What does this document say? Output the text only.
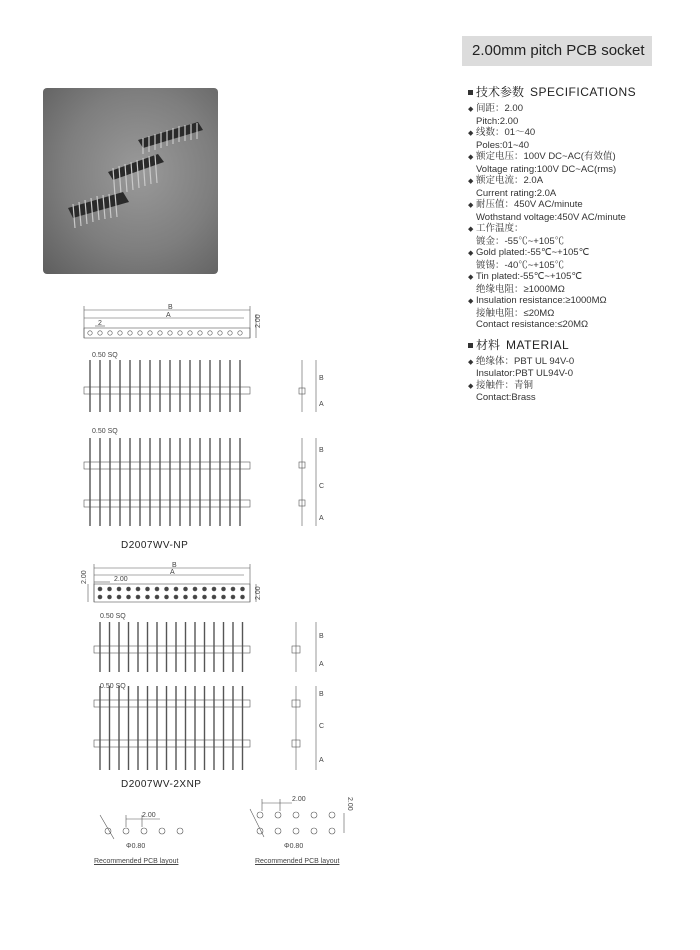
2.00mm pitch PCB socket
技术参数 SPECIFICATIONS
◆ 间距：2.00
Pitch:2.00
◆ 线数：01～40
Poles:01~40
◆ 额定电压：100V DC~AC(有效值)
Voltage rating:100V DC~AC(rms)
◆ 额定电流：2.0A
Current rating:2.0A
◆ 耐压值：450V AC/minute
Wothstand voltage:450V AC/minute
◆ 工作温度：
镀金：-55℃~+105℃
◆ Gold plated:-55℃~+105℃
镀锡：-40℃~+105℃
◆ Tin plated:-55℃~+105℃
绝缘电阻：≥1000MΩ
◆ Insulation resistance:≥1000MΩ
接触电阻：≤20MΩ
Contact resistance:≤20MΩ
材料 MATERIAL
◆ 绝缘体：PBT UL 94V-0
Insulator:PBT UL94V-0
◆ 接触件：青铜
Contact:Brass
B
A
2	2.00
0.50 SQ
0.50 SQ
B
A
B
C
A
D2007WV-NP
B
A
2.00
2.00
2.00
0.50 SQ
0.50 SQ
B
A
B
C
A
D2007WV-2XNP
2.00
Φ0.80
2.00	2.00
Φ0.80
Recommended PCB layout	Recommended PCB layout
